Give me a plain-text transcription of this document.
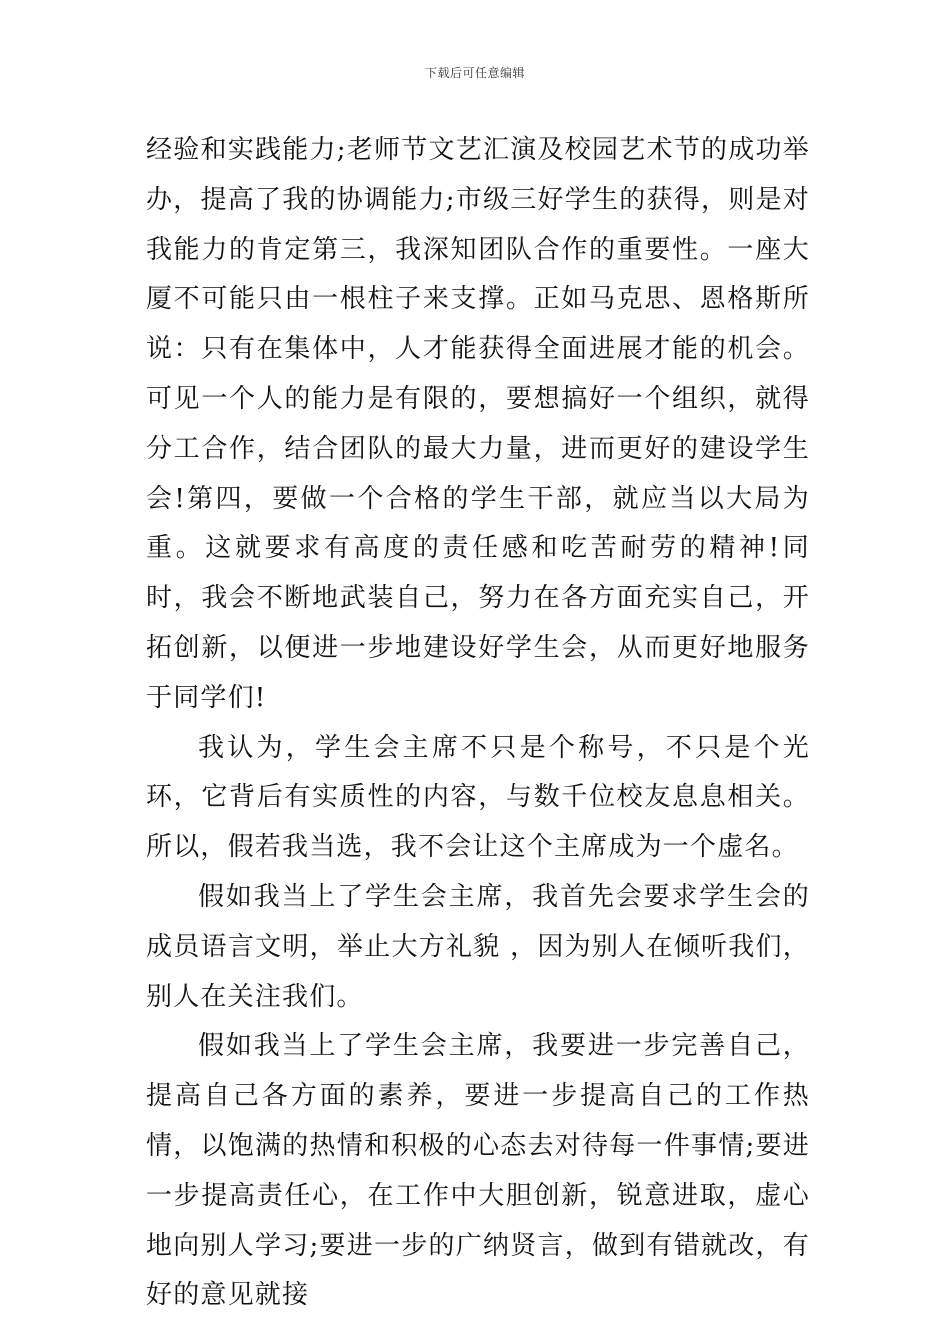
下载后可任意编辑

经验和实践能力;老师节文艺汇演及校园艺术节的成功举办，提高了我的协调能力;市级三好学生的获得，则是对我能力的肯定第三，我深知团队合作的重要性。一座大厦不可能只由一根柱子来支撑。正如马克思、恩格斯所说：只有在集体中，人才能获得全面进展才能的机会。可见一个人的能力是有限的，要想搞好一个组织，就得分工合作，结合团队的最大力量，进而更好的建设学生会!第四，要做一个合格的学生干部，就应当以大局为重。这就要求有高度的责任感和吃苦耐劳的精神!同时，我会不断地武装自己，努力在各方面充实自己，开拓创新，以便进一步地建设好学生会，从而更好地服务于同学们!

我认为，学生会主席不只是个称号，不只是个光环，它背后有实质性的内容，与数千位校友息息相关。所以，假若我当选，我不会让这个主席成为一个虚名。

假如我当上了学生会主席，我首先会要求学生会的成员语言文明，举止大方礼貌 ，因为别人在倾听我们，别人在关注我们。

假如我当上了学生会主席，我要进一步完善自己，提高自己各方面的素养，要进一步提高自己的工作热情，以饱满的热情和积极的心态去对待每一件事情;要进一步提高责任心，在工作中大胆创新，锐意进取，虚心地向别人学习;要进一步的广纳贤言，做到有错就改，有好的意见就接
